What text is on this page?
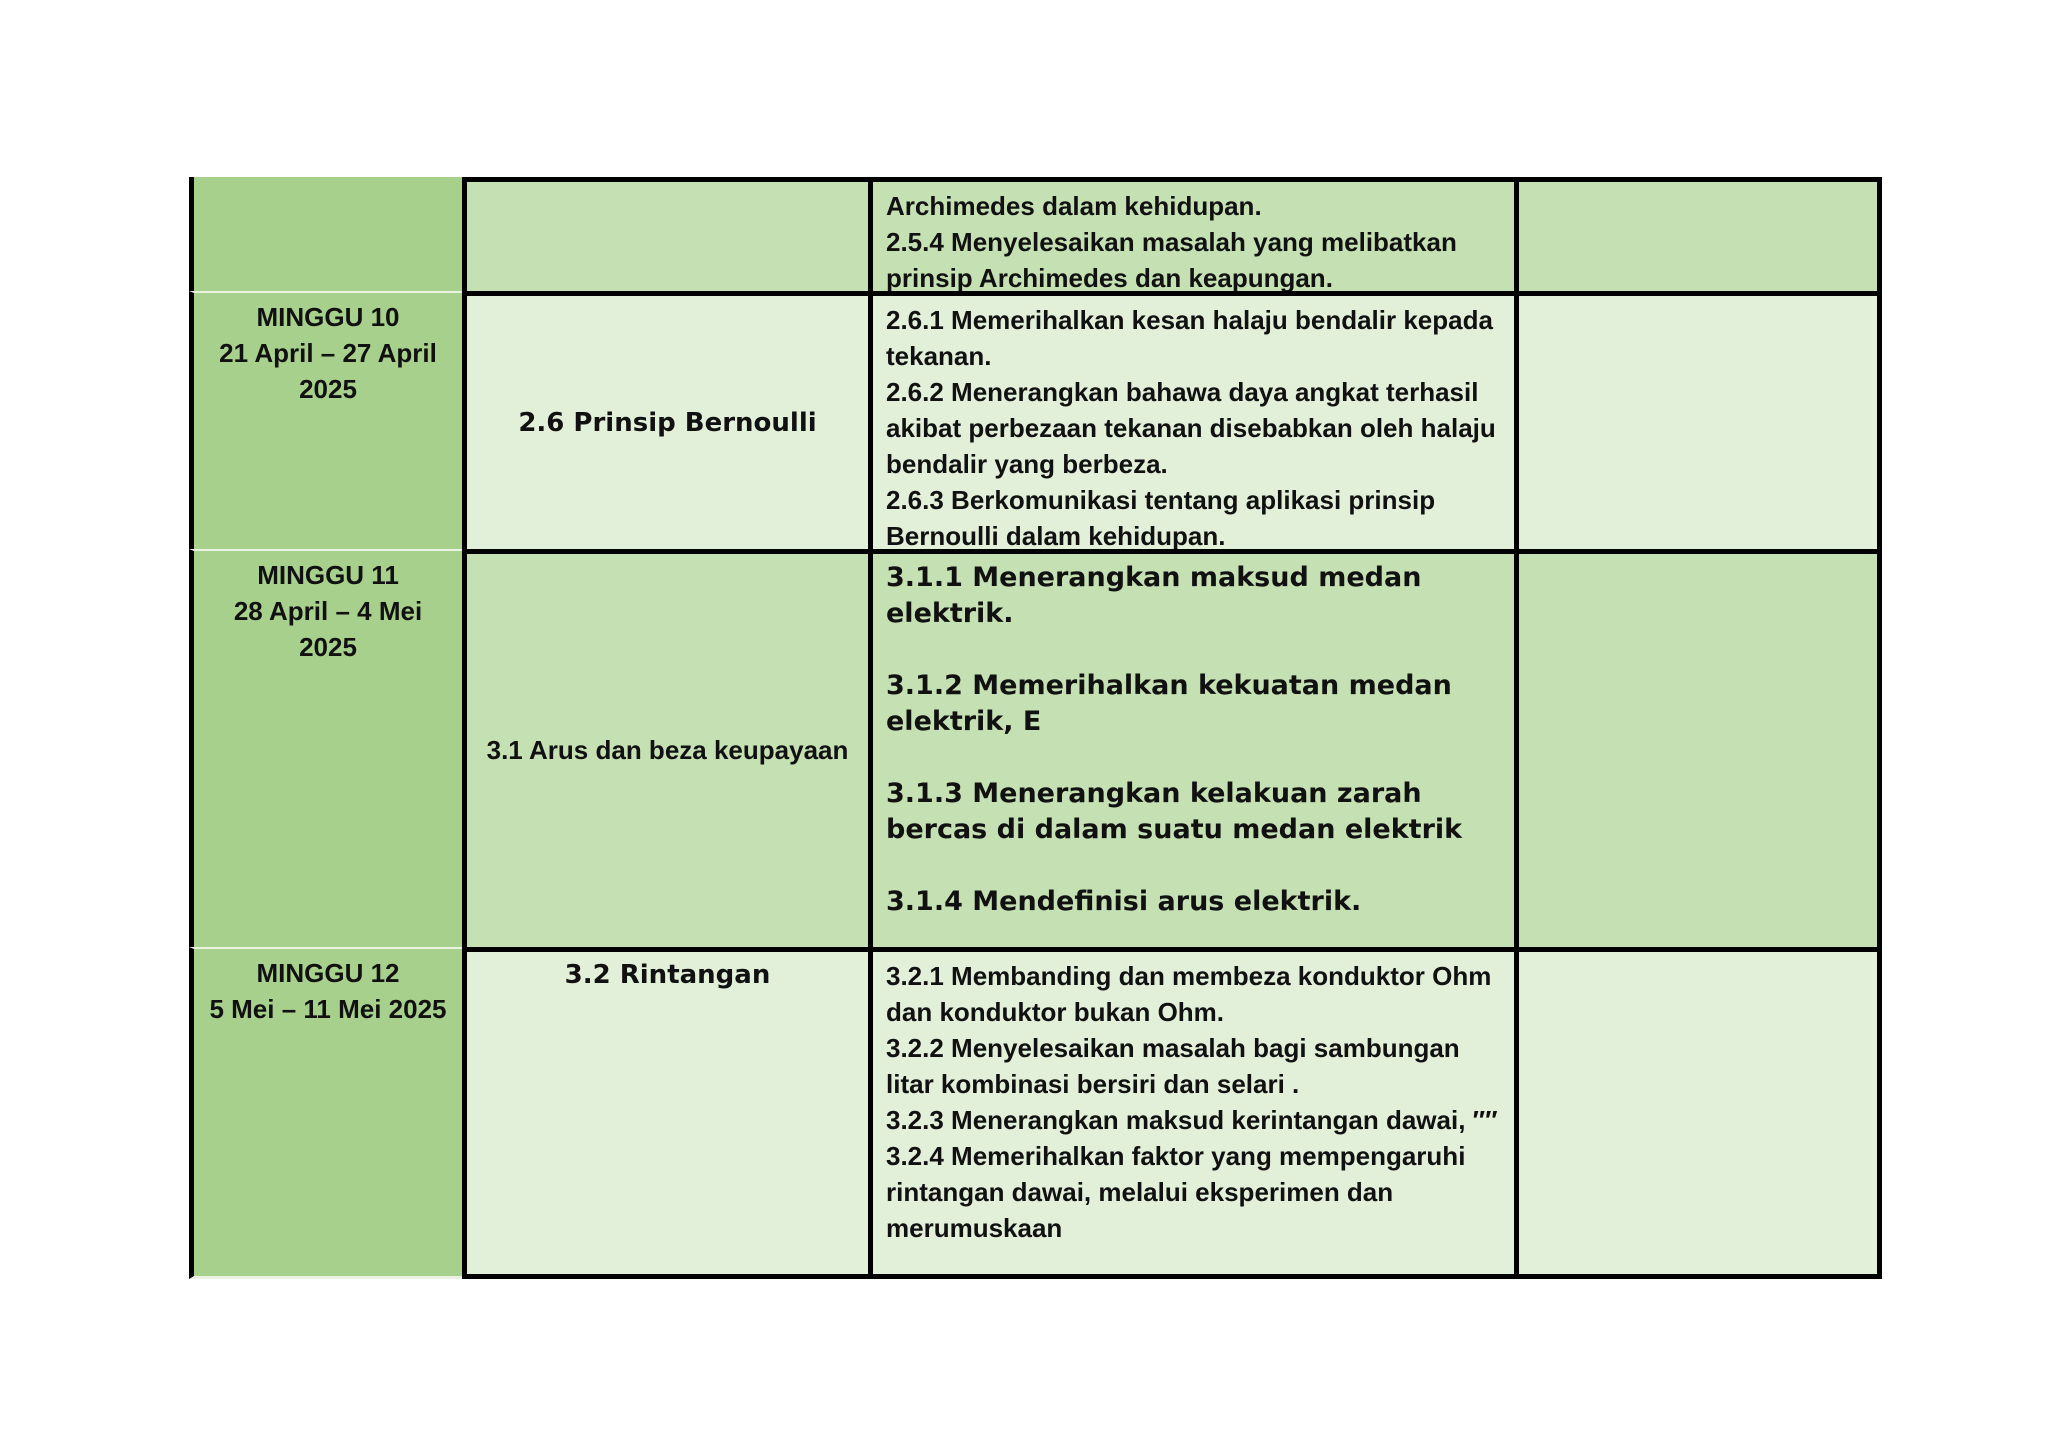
Archimedes dalam kehidupan.

2.5.4 Menyelesaikan masalah yang melibatkan prinsip Archimedes dan keapungan.

MINGGU 10
21 April – 27 April
2025
2.6 Prinsip Bernoulli

2.6.1 Memerihalkan kesan halaju bendalir kepada tekanan.

2.6.2 Menerangkan bahawa daya angkat terhasil akibat perbezaan tekanan disebabkan oleh halaju bendalir yang berbeza.

2.6.3 Berkomunikasi tentang aplikasi prinsip Bernoulli dalam kehidupan.

MINGGU 11
28 April – 4 Mei
2025
3.1 Arus dan beza keupayaan

3.1.1 Menerangkan maksud medan elektrik.

3.1.2 Memerihalkan kekuatan medan elektrik, E

3.1.3 Menerangkan kelakuan zarah bercas di dalam suatu medan elektrik

3.1.4 Mendefinisi arus elektrik.

MINGGU 12
5 Mei – 11 Mei 2025
3.2 Rintangan	3.2.1 Membanding dan membeza konduktor Ohm dan konduktor bukan Ohm.

3.2.2 Menyelesaikan masalah bagi sambungan litar kombinasi bersiri dan selari .

3.2.3 Menerangkan maksud kerintangan dawai, ″″

3.2.4 Memerihalkan faktor yang mempengaruhi rintangan dawai, melalui eksperimen dan merumuskaan
